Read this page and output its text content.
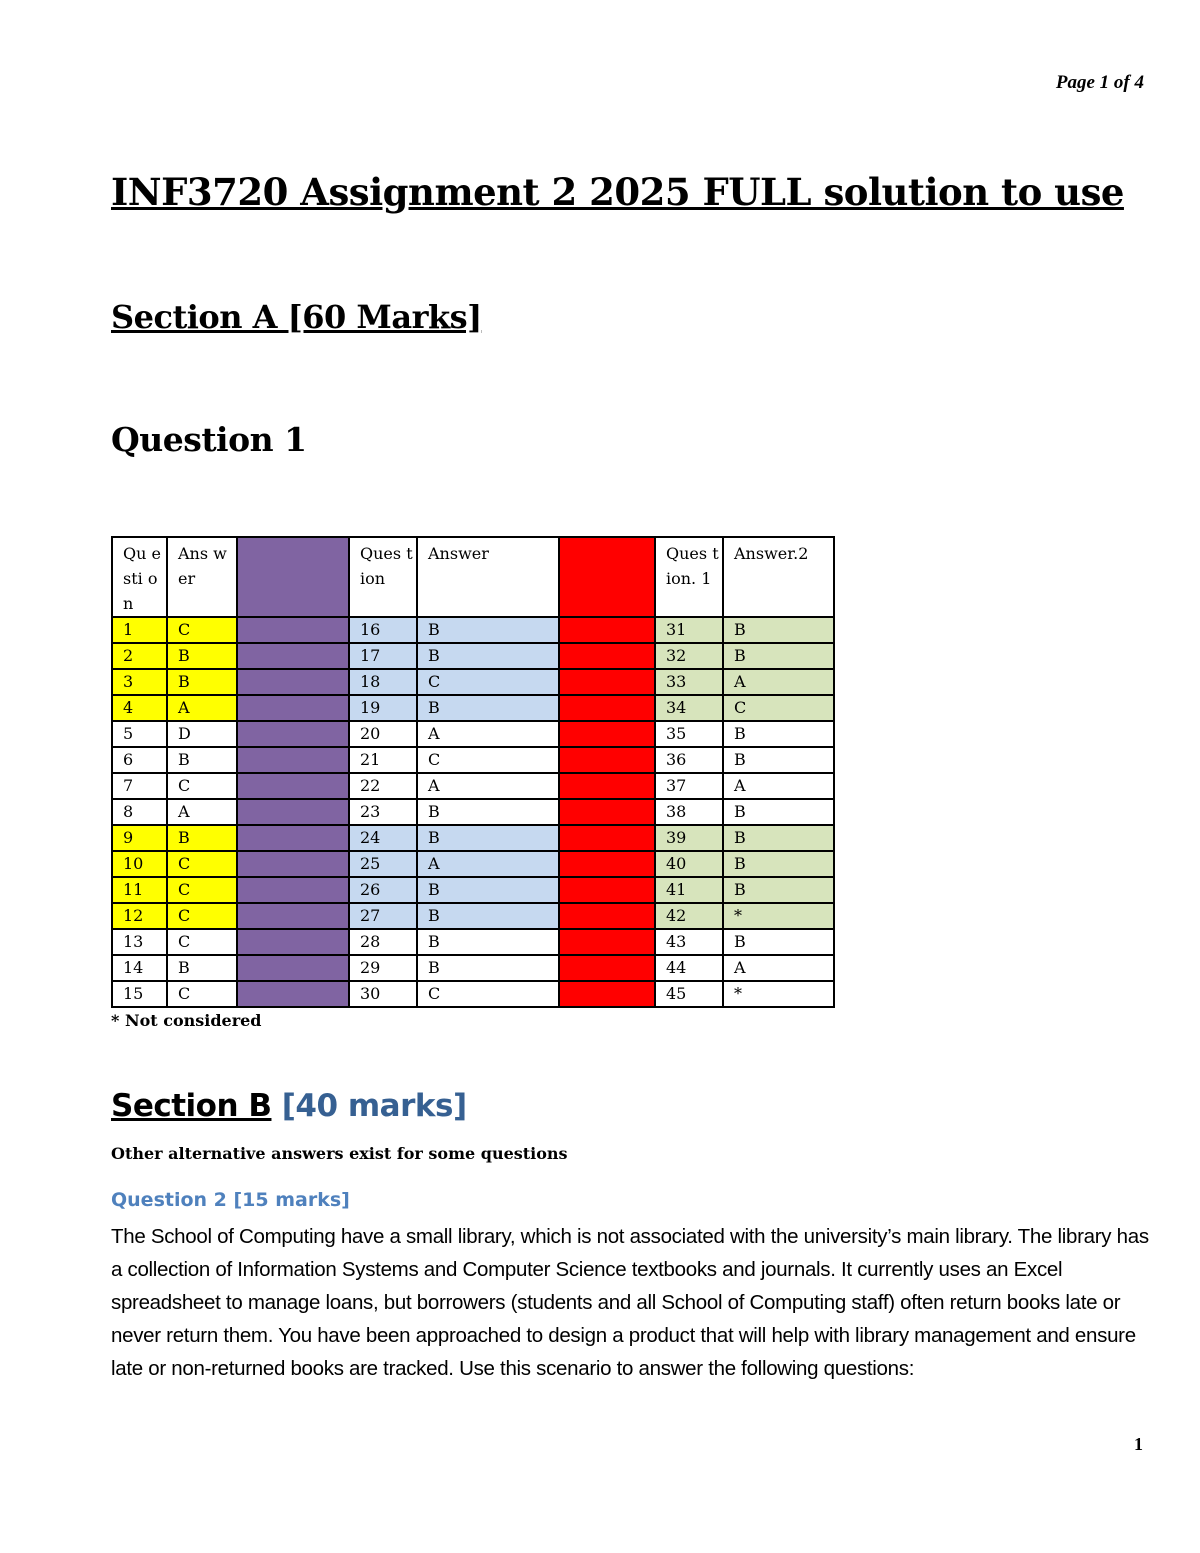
Page 1 of 4
INF3720 Assignment 2 2025 FULL solution to use
Section A [60 Marks]
Question 1
Qu esti on	Ans wer		Ques tion	Answer		Ques tion. 1	Answer.2
1	C		16	B		31	B
2	B		17	B		32	B
3	B		18	C		33	A
4	A		19	B		34	C
5	D		20	A		35	B
6	B		21	C		36	B
7	C		22	A		37	A
8	A		23	B		38	B
9	B		24	B		39	B
10	C		25	A		40	B
11	C		26	B		41	B
12	C		27	B		42	*
13	C		28	B		43	B
14	B		29	B		44	A
15	C		30	C		45	*
* Not considered
Section B [40 marks]
Other alternative answers exist for some questions
Question 2 [15 marks]

The School of Computing have a small library, which is not associated with the university’s main library. The library has a collection of Information Systems and Computer Science textbooks and journals. It currently uses an Excel spreadsheet to manage loans, but borrowers (students and all School of Computing staff) often return books late or never return them. You have been approached to design a product that will help with library management and ensure late or non-returned books are tracked. Use this scenario to answer the following questions:

1
